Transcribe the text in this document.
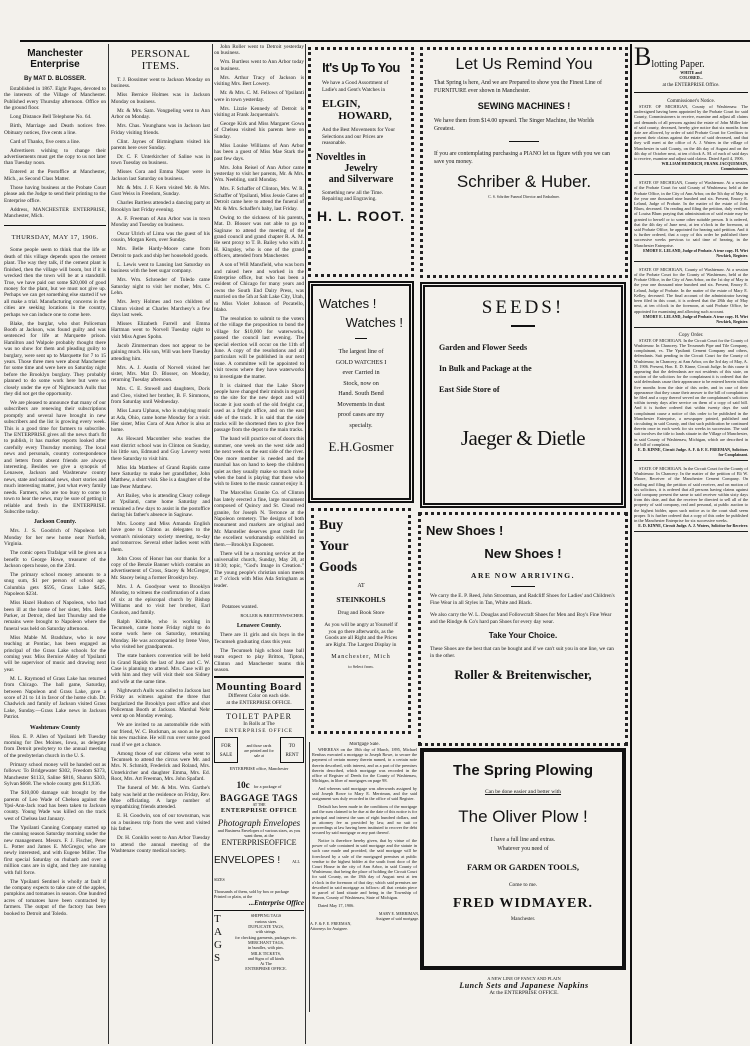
Manchester Enterprise
By MAT D. BLOSSER.

Established in 1867. Eight Pages, devoted to the interests of the Village of Manchester. Published every Thursday afternoon. Office on the ground floor.

Long Distance Bell Telephone No. 64.

Birth, Marriage and Death notices free. Obituary notices, five cents a line.

Card of Thanks, five cents a line.

Advertisers wishing to change their advertisements must get the copy to us not later than Tuesday noon.

Entered at the Postoffice at Manchester, Mich., as Second Class Matter.

Those having business at the Probate Court please ask the Judge to send their printing to the Enterprise office.

Address, MANCHESTER ENTERPRISE, Manchester, Mich.

THURSDAY, MAY 17, 1906.

Some people seem to think that the life or death of this village depends upon the cement plant. The way they talk, if the cement plant is finished, then the village will boom, but if it is wrecked then the town will be at a standstill. True, we have paid out some $20,000 of good money for the plant, but we must not give up. Perhaps we can get something else started if we all make a trial. Manufacturing concerns in the cities are seeking locations in the country, perhaps we can induce one to come here.

Blake, the burglar, who shot Policeman Booth at Jackson, was found guilty and was sentenced for life at Marquette prison. Hamilton and Walpole probably thought there was no show for them and pleading guilty to burglary, were sent up to Marquette for 7 to 15 years. Those three men were about Manchester for some time and were here on Saturday night before the Brooklyn burglary. They probably planned to do some work here but were so closely under the eye of Nightwatch Aulls that they did not get the opportunity.

We are pleased to announce that many of our subscribers are renewing their subscriptions promptly and several have brought in new subscribers and the list is growing every week. This is a good time for farmers to subscribe. The ENTERPRISE gives all the news that's fit to publish, it has market reports looked after carefully every Thursday morning. The local news and personals, country correspondence and letters from absent friends are always interesting. Besides we give a synopsis of Lenawee, Jackson and Washtenaw county news, state and national news, short stories and much interesting matter, just what every family needs. Farmers, who are too busy to come to town to hear the news, may be sure of getting it reliable and fresh in the ENTERPRISE. Subscribe today.

Jackson County.

Mrs. J. S. Goodrich of Napoleon left Monday for her new home near Norfolk, Virginia.

The comic opera Trafalgar will be given as a benefit to George Howe, treasurer of the Jackson opera house, on the 23rd.

The primary school money amounts to a snug sum, $1 per person of school age. Columbia gets $595, Grass Lake $425, Napoleon $234.

Miss Hazel Hudson of Napoleon, who had been ill at the home of her sister, Mrs. Belle Parker, at Detroit, died last Thursday and the remains were brought to Napoleon where the funeral was held on Saturday afternoon.

Miss Mable M. Bradshaw, who is now teaching at Pontiac, has been engaged as principal of the Grass Lake schools for the coming year. Miss Bernice Aldey of Ypsilanti will be supervisor of music and drawing next year.

M. L. Raymond of Grass Lake has returned from Chicago. The ball game, Saturday, between Napoleon and Grass Lake, gave a score of 21 to 14 in favor of the home club. Dr. Chadwick and family of Jackson visited Grass Lake, Sunday.—Grass Lake news in Jackson Patriot.

Washtenaw County

Hon. E. P. Allen of Ypsilanti left Tuesday morning for Des Moines, Iowa, as delegate from Detroit presbytery to the annual meeting of the presbyterian church in the U. S.

Primary school money will be handed out as follows: To Bridgewater $302, Freedom $373, Manchester $1133, Saline $816, Sharon $303, Sylvan $668. The whole county gets $11,936.

The $10,000 damage suit brought by the parents of Leo Wade of Chelsea against the Ypsi-Ann-Jack road has been taken to Jackson county. Young Wade was killed on the track west of Chelsea last January.

The Ypsilanti Canning Company started up the canning season Saturday morning under the new management. Messrs. F. J. Fischer, Peter L. Potter and James E. McGregor, who are newly interested, and with Eugene Miller. The first special Saturday on rhubarb and over a million cans are in sight, and they are running with full force.

The Ypsilanti Sentinel is wholly at fault if the company expects to take care of the apples, pumpkins and tomatoes in season. One hundred acres of tomatoes have been contracted by farmers. The output of the factory has been booked to Detroit and Toledo.

PERSONAL ITEMS.

T. J. Bossimer went to Jackson Monday on business.

Miss Bernice Holmes was in Jackson Monday on business.

Mr. & Mrs. Sam. Vongpeling went to Ann Arbor on Monday.

Mrs. Chas. Younghans was in Jackson last Friday visiting friends.

Clint. Jaynes of Birmingham visited his parents here over Sunday.

Dr. C. F. Unterkircher of Saline was in town Tuesday on business.

Misses Cora and Emma Naper were in Jackson last Saturday on business.

Mr. & Mrs. J. F. Kern visited Mr. & Mrs. Gust Weiss in Freedom, Sunday.

Charles Bartless attended a dancing party at Brooklyn last Friday evening.

A. F. Freeman of Ann Arbor was in town Monday and Tuesday on business.

Oscar Ulrich of Lima was the guest of his cousin, Morgan Kern, over Sunday.

Mrs. Belle Hardy-Moore came from Detroit to pack and ship her household goods.

L. Lewis went to Lansing last Saturday on business with the beet sugar company.

Mrs. Wm. Schroeder of Toledo came Saturday night to visit her mother, Mrs. C. Lehn.

Mrs. Jerry Holmes and two children of Clinton visited at Charles Marchesy's a few days last week.

Misses Elizabeth Farrell and Emma Hartman went to Norvell Tuesday night to visit Miss Agnes Spohn.

Jacob Zimmerman does not appear to be gaining much. His son, Will was here Tuesday attending him.

Mrs. A. J. Austin of Norvell visited her sister, Mrs. Mat D. Blosser, on Monday, returning Tuesday afternoon.

Mrs. C. E. Stowell and daughters, Doris and Cleo, visited her brother, B. F. Simmons, from Saturday until Wednesday.

Miss Laura Uphaus, who is studying music at Ada, Ohio, came home Monday for a visit. Her sister, Miss Cora of Ann Arbor is also at home.

As Howard Macomber who teaches the east district school was in Clinton on Sunday, his little son, Edmund and Guy Lowery went there Saturday to visit him.

Miss Ida Matthew of Grand Rapids came here Saturday to make her grandfather, John Matthew, a short visit. She is a daughter of the late Peter Matthew.

Art Bailey, who is attending Cleary college at Ypsilanti, came home Saturday and remained a few days to assist in the postoffice during his father's absence in Saginaw.

Mrs. Loomy and Miss Amanda English have gone to Clinton as delegates to the woman's missionary society meeting, to-day and tomorrow. Several other ladies went with them.

John Cross of Honor has our thanks for a copy of the Benzie Banner which contains an advertisement of Cross, Stacey & McGregor, Mr. Stacey being a former Brooklyn boy.

Mrs. J. A. Goodyear went to Brooklyn Monday, to witness the confirmation of a class of six at the episcopal church by Bishop Williams and to visit her brother, Earl Coulson, and family.

Ralph Kimble, who is working in Tecumseh, came home Friday night to do some work here on Saturday, returning Monday. He was accompanied by Irene Vose, who visited her grandparents.

The state bankers convention will be held in Grand Rapids the last of June and C. W. Case is planning to attend. Mrs. Case will go with him and they will visit their son Sidney and wife at the same time.

Nightwatch Aulls was called to Jackson last Friday as witness against the three that burglarized the Brooklyn post office and shot Policeman Booth at Jackson. Marshal Nehr went up on Monday evening.

We are invited to an automobile ride with our friend, W. C. Buckman, as soon as he gets his new machine. He will run over some good road if we get a chance.

Among those of our citizens who went to Tecumseh to attend the circus were Mr. and Mrs. N. Schmidt, Frederick and Roland, Mrs. Unterkircher and daughter Emma, Mrs. Ed. Root, Mrs. Art Freeman, Mrs. John Spafard.

The funeral of Mr. & Mrs. Wm. Garthe's baby was held at the residence on Friday, Rev. Moe officiating. A large number of sympathizing friends attended.

E. H. Goodwin, son of our townsman, was on a business trip from the west and visited his father.

Dr. H. Conklin went to Ann Arbor Tuesday to attend the annual meeting of the Washtenaw county medical society.

John Roller went to Detroit yesterday on business.

Wm. Burtless went to Ann Arbor today on business.

Mrs. Arthur Tracy of Jackson is visiting Mrs. Bert Lowery.

Mr. & Mrs. C. M. Fellows of Ypsilanti were in town yesterday.

Mrs. Lizzie Kennedy of Detroit is visiting at Frank Jacquemain's.

George Kirk and Miss Margaret Gowa of Chelsea visited his parents here on Sunday.

Miss Louise Williams of Ann Arbor has been a guest of Miss Mae Stark the past few days.

Mrs. John Reisel of Ann Arbor came yesterday to visit her parents, Mr. & Mrs. Wm. Neebling, until Monday.

Mrs. F. Schaffer of Clinton, Mrs. W. R. Schaffer of Ypsilanti, Miss Jessie Gates of Detroit came here to attend the funeral of Mr. & Mrs. Schaffer's baby, last Friday.

Owing to the sickness of his parents, Mat. D. Blosser was not able to go to Saginaw to attend the meeting of the grand council and grand chapter R. A. M. He sent proxy to T. B. Bailey who with J. H. Kingsley, who is one of the grand officers, attended from Manchester.

A son of Will Mansfield, who was born and raised here and worked in the Enterprise office, but who has been a resident of Chicago for many years and owns the South End Dairy Press, was married on the 5th at Salt Lake City, Utah, to Miss Violet Johnson of Pocatello, Idaho.

The resolution to submit to the voters of the village the proposition to bond the village for $10,000 for waterworks, passed the council last evening. The special election will occur on the 11th of June. A copy of the resolutions and all particulars will be published in our next issue. A committee will be appointed to visit towns where they have waterworks to investigate the matter.

It is claimed that the Lake Shore people have changed their minds in regard to the site for the new depot and will locate it just south of the old freight car, used as a freight office, and on the east side of the track. It is said that the side tracks will be shortened then to give free passage from the depot to the main tracks.

The band will practice out of doors this summer, one week on the west side and the next week on the east side of the river. One more member is needed and the marshal has on hand to keep the children quiet as they usually make so much noise when the band is playing that those who wish to listen to the music cannot enjoy it.

The Marcellus Granite Co. of Clinton has lately erected a fine, large monument composed of Quincy and St. Cloud red granite, for Joseph N. Terronce at the Napoleon cemetery. The designs of both monument and markers are original and Mr. Marsteller deserves great credit for the excellent workmanship exhibited on them.—Brooklyn Exponent.

There will be a morning service at the universalist church, Sunday, May 20, at 10:30; topic, "God's Image in Creation." The young people's christian union meets at 7 o'clock with Miss Ada Stringham as leader.

Potatoes wanted.

ROLLER & BREITENWISCHER.

Lenawee County.

There are 11 girls and six boys in the Tecumseh graduating class this year.

The Tecumseh high school base ball team expect to play Britton, Tipton, Clinton and Manchester teams this season.

Mounting Board
Different Color on each side.
at the ENTERPRISE OFFICE.
TOILET PAPER
In Rolls at The
ENTERPRISE OFFICE
FOR
SALE
and those cards are printed and for sale at
TO
RENT
ENTERPRISE office, Manchester
10c for a package of
BAGGAGE TAGS
AT THE
ENTERPRISE OFFICE
Photograph Envelopes
and Business Envelopes of various sizes, as you want them, at the
ENTERPRISEOFFICE
ENVELOPES !	ALL SIZES
Thousands of them, sold by box or package
Printed or plain, at the
...Enterprise Office
T
A
G
S
SHIPPING TAGS
various sizes.
DUPLICATE TAGS,
with strings.
for checking garments, packages etc.
MERCHANT TAGS,
in bundles, with pins.
MILK TICKETS,
and Signs of all kinds
At The
ENTERPRISE OFFICE.
It's Up To You
We have a Good Assortment of Ladie's and Gent's Watches in
ELGIN,
HOWARD,
And the Best Movements for Your Selections and our Prices are reasonable.
Noveltles in
Jewelry
and Silverware
Something new all the Time. Repairing and Engraving.
H. L. ROOT.
Watches !
Watches !
The largest line of
GOLD WATCHES I
ever Carried in
Stock, now on
Hand. South Bend
Movements in dust
proof cases are my
specialty.
E.H.Gosmer
Buy
Your
Goods
AT
STEINKOHLS
Drug and Book Store
As you will be angry at Yourself if you go there afterwards, as the Goods are all Right and the Prices are Right. The Largest Display in
Manchester, Mich
to Select from.
Mortgage Sale.

WHEREAS on the 18th day of March, 1895, Michael Renfuss executed a mortgage to Joseph Rowe, to secure the payment of certain money therein named, to a certain note therein described, with interest, and as a part of the premises therein described, which mortgage was recorded in the office of Register of Deeds for the County of Washtenaw, Michigan, in liber of mortgages on page 98.

And whereas said mortgage was afterwards assigned by said Joseph Rowe to Mary E. Merriman, and the said assignment was duly recorded in the office of said Register.

Default has been made in the conditions of the mortgage and the sum claimed to be due at the date of this notice is for principal and interest the sum of eight hundred dollars, and an attorney fee as provided by law, and no suit or proceedings at law having been instituted to recover the debt secured by said mortgage or any part thereof.

Notice is therefore hereby given, that by virtue of the power of sale contained in said mortgage and the statute in such case made and provided, the said mortgage will be foreclosed by a sale of the mortgaged premises at public vendue to the highest bidder at the south front door of the Court House in the city of Ann Arbor, in said County of Washtenaw, that being the place of holding the Circuit Court for said County, on the 18th day of August next at ten o'clock in the forenoon of that day; which said premises are described in said mortgage as follows: all that certain piece or parcel of land situate and being in the Township of Sharon, County of Washtenaw, State of Michigan.

Dated May 17, 1906.

MARY E. MERRIMAN,
Assignee of said mortgage.
A. F. & F. E. FREEMAN,
Attorneys for Assignee.
Let Us Remind You
That Spring is here, And we are Prepared to show you the Finest Line of FURNITURE ever shown in Manchester.
SEWING MACHINES !
We have them from $14.00 upward. The Singer Machine, the Worlds Greatest.
If you are contemplating purchasing a PIANO let us figure with you we can save you money.
Schriber & Huber.
C. S. Schriber Funeral Director and Embalmer.
SEEDS!
Garden and Flower Seeds
In Bulk and Package at the
East Side Store of
Jaeger & Dietle
New Shoes !
New Shoes !
ARE NOW ARRIVING.
We carry the E. P. Reed, John Strootman, and Radcliff Shoes for Ladies' and Children's Fine Wear in all Styles in Tan, White and Black.
We also carry the W. L. Douglas and Followcraft Shoes for Men and Boy's Fine Wear and the Rindge & Co's hard pan Shoes for every day wear.
Take Your Choice.
These Shoes are the best that can be bought and if we can't suit you in one line, we can in the other.
Roller & Breitenwischer,
The Spring Plowing
Can be done easier and better with
The Oliver Plow !
I have a full line and extras.
Whatever you need of
FARM OR GARDEN TOOLS,
Come to me.
FRED WIDMAYER.
Manchester.
A NEW LINE OF FANCY AND PLAIN
Lunch Sets and Japanese Napkins
At the ENTERPRISE OFFICE.
B lotting Paper.
WHITE and
COLORED...
at the ENTERPRISE Office.
Commissioner's Notice.
STATE OF MICHIGAN, County of Washtenaw. The undersigned having been appointed by the Probate Court for said County, Commissioners to receive, examine and adjust all claims and demands of all persons against the estate of John Miller late of said county, deceased, hereby give notice that six months from date are allowed, by order of said Probate Court for Creditors to present their claims against the estate of said deceased, and that they will meet at the office of A. J. Waters in the village of Manchester in said County, on the 4th day of August and on the 4th day of October next, at ten o'clock A. M. of each of said days to receive, examine and adjust said claims. Dated April 4, 1906.
WILLIAM HEINRICH, FRANK JACQUEMAIN, Commissioners.
STATE OF MICHIGAN, County of Washtenaw. At a session of the Probate Court for said County of Washtenaw, held at the Probate Office, in the City of Ann Arbor, on the 5th day of May in the year one thousand nine hundred and six. Present, Emory E. Leland, Judge of Probate. In the matter of the estate of John Blum, deceased. On reading and filing the petition, duly verified, of Louisa Blum praying that administration of said estate may be granted to herself or to some other suitable person. It is ordered, that the 4th day of June next, at ten o'clock in the forenoon, at said Probate Office, be appointed for hearing said petition. And it is further ordered, that a copy of this order be published three successive weeks previous to said time of hearing, in the Manchester Enterprise.
EMORY E. LELAND, Judge of Probate. A true copy. H. Wirt Newkirk, Register.
STATE OF MICHIGAN, County of Washtenaw. At a session of the Probate Court for the County of Washtenaw, held at the Probate Office, in the City of Ann Arbor, on the 1st day of May in the year one thousand nine hundred and six. Present, Emory E. Leland, Judge of Probate. In the matter of the estate of Mary E. Kelley, deceased. The final account of the administrator having been filed in this court, it is ordered that the 28th day of May next, at ten o'clock in the forenoon, at said Probate Office, be appointed for examining and allowing such account.
EMORY E. LELAND, Judge of Probate. A true copy. H. Wirt Newkirk, Register.
Copy Order.
STATE OF MICHIGAN. In the Circuit Court for the County of Washtenaw. In Chancery. The Tecumseh Pipe and Tile Company, complainant, vs. The Ypsilanti Cement Company and others, defendants. Suit pending in the Circuit Court for the County of Washtenaw, in Chancery, at Ann Arbor, on the 3rd day of May, A. D. 1906. Present, Hon. E. D. Kinne, Circuit Judge. In this cause it appearing that the defendants are not residents of this state, on motion of the solicitors for the complainant it is ordered that the said defendants cause their appearance to be entered herein within five months from the date of this order, and in case of their appearance that they cause their answer to the bill of complaint to be filed and a copy thereof served on the complainant's solicitors within twenty days after service on them of a copy of said bill. And it is further ordered that within twenty days the said complainant cause a notice of this order to be published in the Manchester Enterprise, a newspaper printed, published and circulating in said County, and that such publication be continued therein once in each week for six weeks in succession. The said suit involves the title to lands situate in the Village of Manchester, in said County of Washtenaw, Michigan, which are described in the bill of complaint.
E. D. KINNE, Circuit Judge. A. F. & F. E. FREEMAN, Solicitors for Complainant.
STATE OF MICHIGAN. In the Circuit Court for the County of Washtenaw. In Chancery. In the matter of the petition of Eli W. Moore, Receiver of the Manchester Cement Company. On reading and filing the petition of said receiver, and on motion of his solicitors, it is ordered that all persons having claims against said company present the same to said receiver within sixty days from this date, and that the receiver be directed to sell all of the property of said company, real and personal, at public auction to the highest bidder, upon such notice as to the court shall seem proper. It is further ordered that a copy of this order be published in the Manchester Enterprise for six successive weeks.
E. D. KINNE, Circuit Judge. A. J. Waters, Solicitor for Receiver.
